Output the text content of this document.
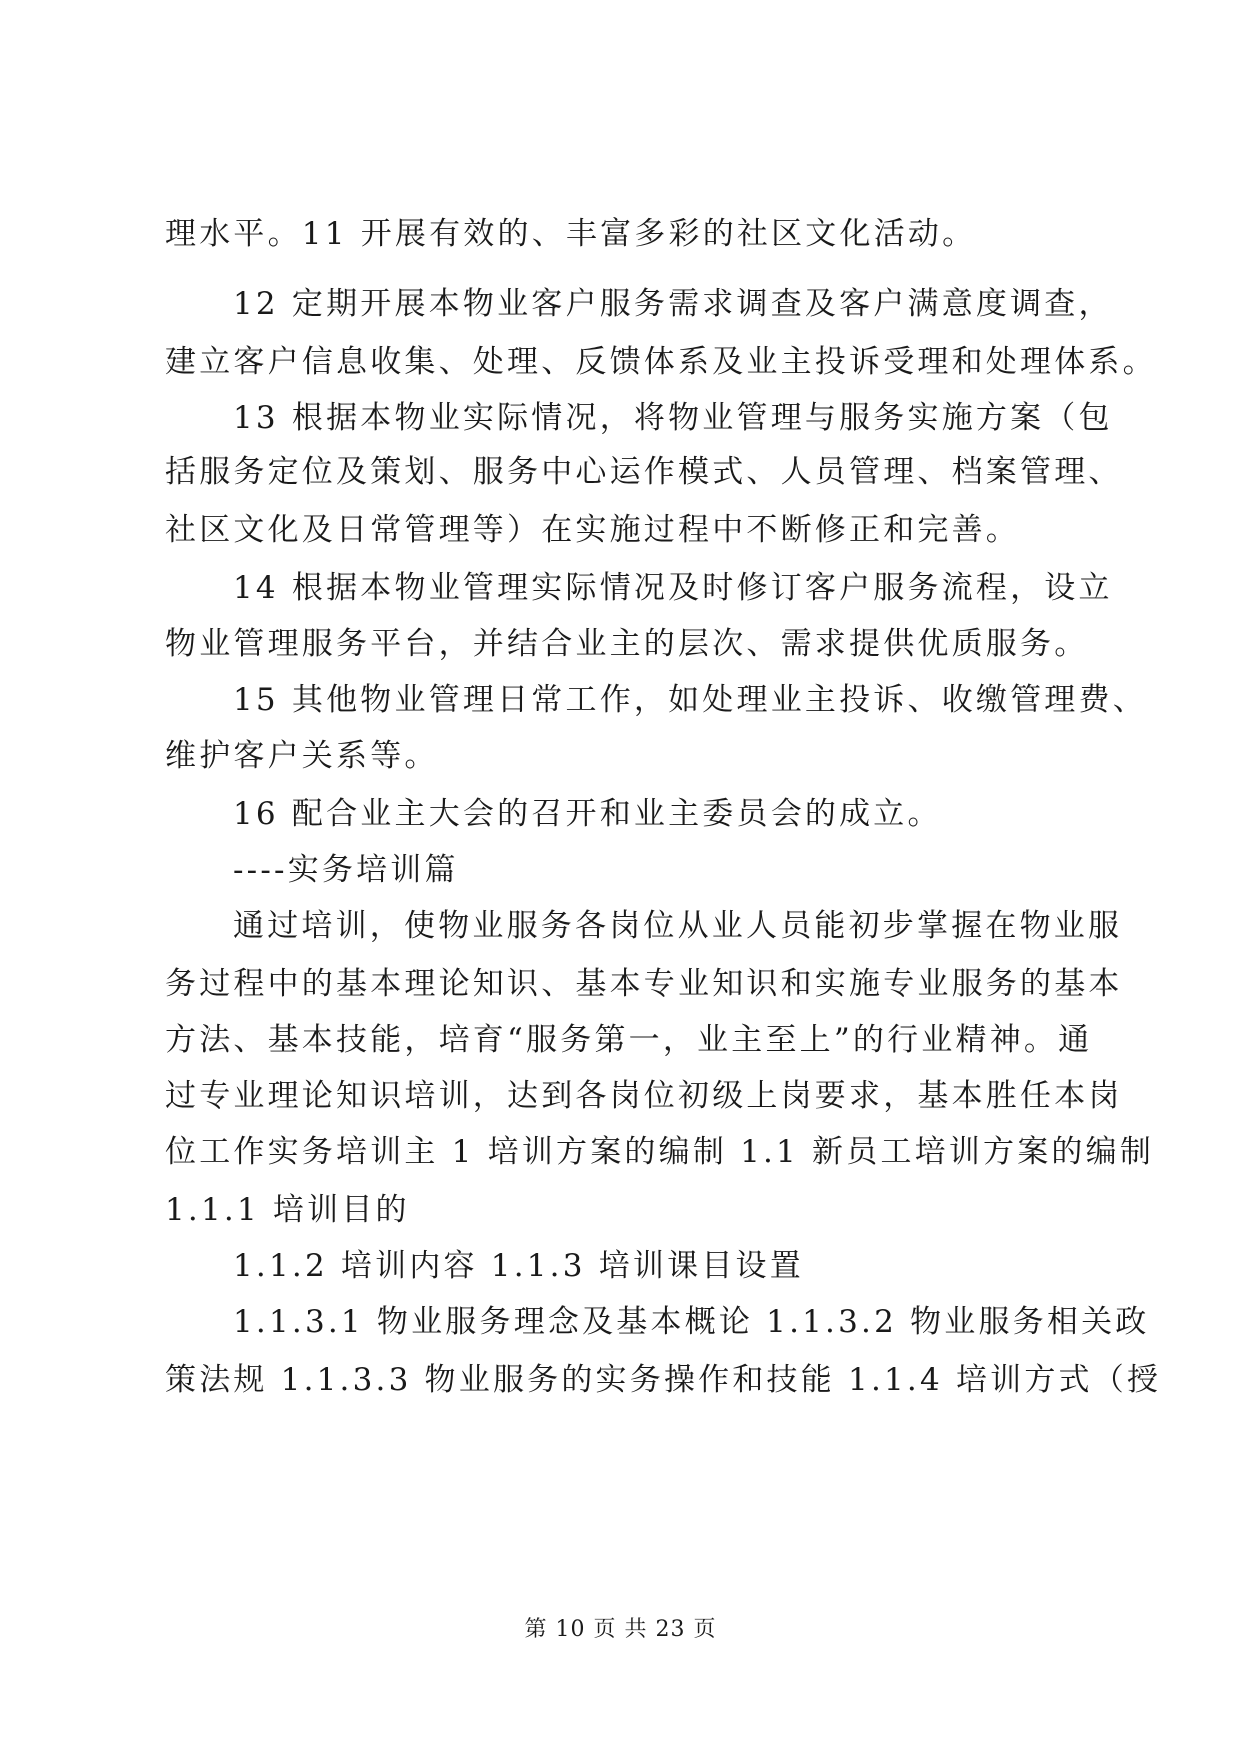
理水平。11 开展有效的、丰富多彩的社区文化活动。
12 定期开展本物业客户服务需求调查及客户满意度调查，
建立客户信息收集、处理、反馈体系及业主投诉受理和处理体系。
13 根据本物业实际情况，将物业管理与服务实施方案（包
括服务定位及策划、服务中心运作模式、人员管理、档案管理、
社区文化及日常管理等）在实施过程中不断修正和完善。
14 根据本物业管理实际情况及时修订客户服务流程，设立
物业管理服务平台，并结合业主的层次、需求提供优质服务。
15 其他物业管理日常工作，如处理业主投诉、收缴管理费、
维护客户关系等。
16 配合业主大会的召开和业主委员会的成立。
----实务培训篇
通过培训，使物业服务各岗位从业人员能初步掌握在物业服
务过程中的基本理论知识、基本专业知识和实施专业服务的基本
方法、基本技能，培育“服务第一，业主至上”的行业精神。通
过专业理论知识培训，达到各岗位初级上岗要求，基本胜任本岗
位工作实务培训主 1 培训方案的编制 1.1 新员工培训方案的编制
1.1.1 培训目的
1.1.2 培训内容 1.1.3 培训课目设置
1.1.3.1 物业服务理念及基本概论 1.1.3.2 物业服务相关政
策法规 1.1.3.3 物业服务的实务操作和技能 1.1.4 培训方式（授
第 10 页 共 23 页
